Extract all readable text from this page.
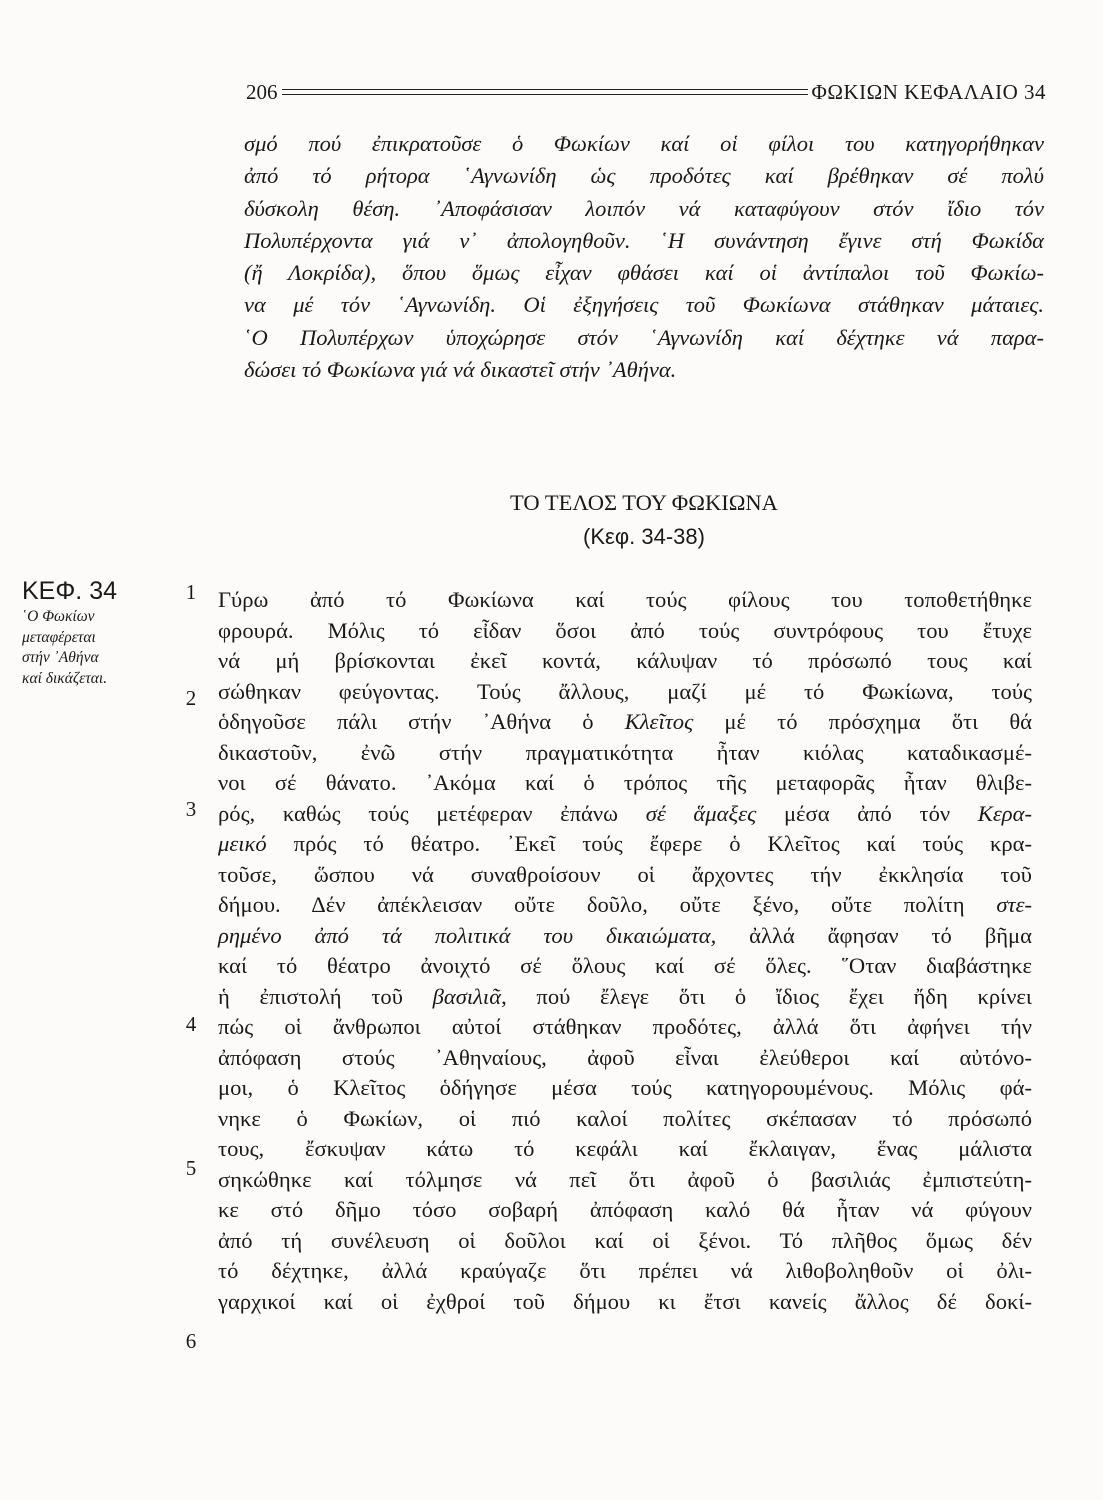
206	ΦΩΚΙΩΝ ΚΕΦΑΛΑΙΟ 34
σμό πού ἐπικρατοῦσε ὁ Φωκίων καί οἱ φίλοι του κατηγορήθηκαν
ἀπό τό ρήτορα ῾Αγνωνίδη ὡς προδότες καί βρέθηκαν σέ πολύ
δύσκολη θέση. ᾿Αποφάσισαν λοιπόν νά καταφύγουν στόν ἴδιο τόν
Πολυπέρχοντα γιά ν᾿ ἀπολογηθοῦν. ῾Η συνάντηση ἔγινε στή Φωκίδα
(ἤ Λοκρίδα), ὅπου ὅμως εἶχαν φθάσει καί οἱ ἀντίπαλοι τοῦ Φωκίω-
να μέ τόν ῾Αγνωνίδη. Οἱ ἐξηγήσεις τοῦ Φωκίωνα στάθηκαν μάταιες.
῾Ο Πολυπέρχων ὑποχώρησε στόν ῾Αγνωνίδη καί δέχτηκε νά παρα-
δώσει τό Φωκίωνα γιά νά δικαστεῖ στήν ᾿Αθήνα.
ΤΟ ΤΕΛΟΣ ΤΟΥ ΦΩΚΙΩΝΑ
(Κεφ. 34-38)
ΚΕΦ. 34
῾Ο Φωκίων
μεταφέρεται
στήν ᾿Αθήνα
καί δικάζεται.
1
2
3
4
5
6
Γύρω ἀπό τό Φωκίωνα καί τούς φίλους του τοποθετήθηκε
φρουρά. Μόλις τό εἶδαν ὅσοι ἀπό τούς συντρόφους του ἔτυχε
νά μή βρίσκονται ἐκεῖ κοντά, κάλυψαν τό πρόσωπό τους καί
σώθηκαν φεύγοντας. Τούς ἄλλους, μαζί μέ τό Φωκίωνα, τούς
ὁδηγοῦσε πάλι στήν ᾿Αθήνα ὁ Κλεῖτος μέ τό πρόσχημα ὅτι θά
δικαστοῦν, ἐνῶ στήν πραγματικότητα ἦταν κιόλας καταδικασμέ-
νοι σέ θάνατο. ᾿Ακόμα καί ὁ τρόπος τῆς μεταφορᾶς ἦταν θλιβε-
ρός, καθώς τούς μετέφεραν ἐπάνω σέ ἅμαξες μέσα ἀπό τόν Κερα-
μεικό πρός τό θέατρο. ᾿Εκεῖ τούς ἔφερε ὁ Κλεῖτος καί τούς κρα-
τοῦσε, ὥσπου νά συναθροίσουν οἱ ἄρχοντες τήν ἐκκλησία τοῦ
δήμου. Δέν ἀπέκλεισαν οὔτε δοῦλο, οὔτε ξένο, οὔτε πολίτη στε-
ρημένο ἀπό τά πολιτικά του δικαιώματα, ἀλλά ἄφησαν τό βῆμα
καί τό θέατρο ἀνοιχτό σέ ὅλους καί σέ ὅλες. ῞Οταν διαβάστηκε
ἡ ἐπιστολή τοῦ βασιλιᾶ, πού ἔλεγε ὅτι ὁ ἴδιος ἔχει ἤδη κρίνει
πώς οἱ ἄνθρωποι αὐτοί στάθηκαν προδότες, ἀλλά ὅτι ἀφήνει τήν
ἀπόφαση στούς ᾿Αθηναίους, ἀφοῦ εἶναι ἐλεύθεροι καί αὐτόνο-
μοι, ὁ Κλεῖτος ὁδήγησε μέσα τούς κατηγορουμένους. Μόλις φά-
νηκε ὁ Φωκίων, οἱ πιό καλοί πολίτες σκέπασαν τό πρόσωπό
τους, ἔσκυψαν κάτω τό κεφάλι καί ἔκλαιγαν, ἕνας μάλιστα
σηκώθηκε καί τόλμησε νά πεῖ ὅτι ἀφοῦ ὁ βασιλιάς ἐμπιστεύτη-
κε στό δῆμο τόσο σοβαρή ἀπόφαση καλό θά ἦταν νά φύγουν
ἀπό τή συνέλευση οἱ δοῦλοι καί οἱ ξένοι. Τό πλῆθος ὅμως δέν
τό δέχτηκε, ἀλλά κραύγαζε ὅτι πρέπει νά λιθοβοληθοῦν οἱ ὀλι-
γαρχικοί καί οἱ ἐχθροί τοῦ δήμου κι ἔτσι κανείς ἄλλος δέ δοκί-
